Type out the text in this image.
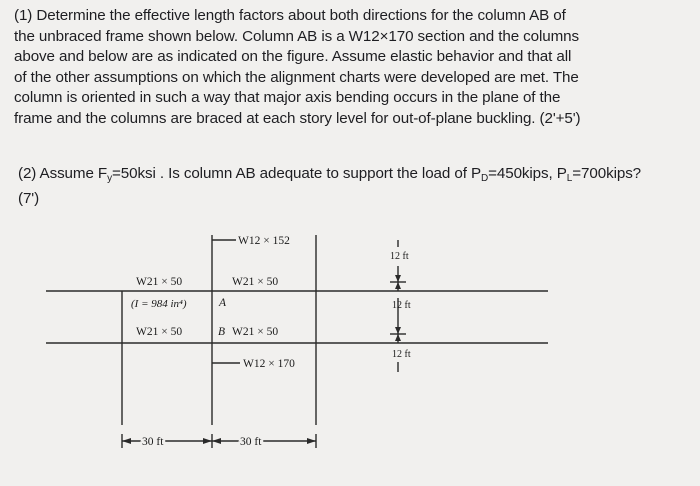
(1) Determine the effective length factors about both directions for the column AB of
the unbraced frame shown below. Column AB is a W12×170 section and the columns
above and below are as indicated on the figure. Assume elastic behavior and that all
of the other assumptions on which the alignment charts were developed are met. The
column is oriented in such a way that major axis bending occurs in the plane of the
frame and the columns are braced at each story level for out-of-plane buckling. (2'+5')
(2) Assume $F_y=50ksi$ . Is column AB adequate to support the load of $P_D=450kips$, $P_L=700kips$?
(7')
W12 × 152
W21 × 50	W21 × 50
(I = 984 in⁴)	A
W21 × 50	B W21 × 50
W12 × 170
30 ft	30 ft
12 ft
12 ft
12 ft
